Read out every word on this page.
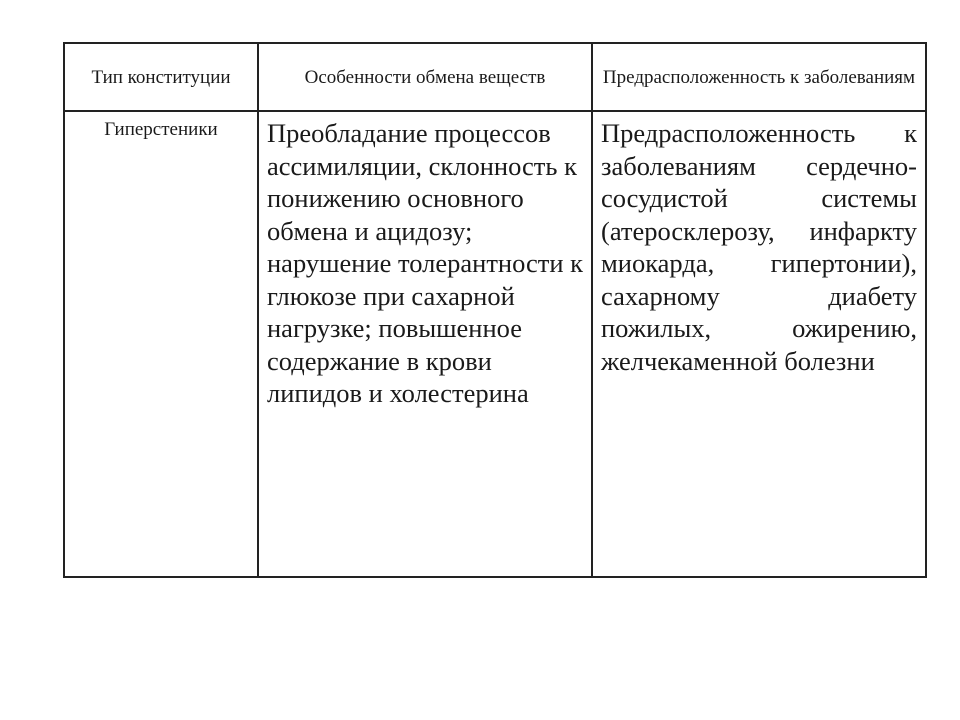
Тип конституции	Особенности обмена веществ	Предрасположенность к заболеваниям

Гиперстеники	Преобладание процессов ассимиляции, склонность к понижению основного обмена и ацидозу; нарушение толерантности к глюкозе при сахарной нагрузке; повышенное содержание в крови липидов и холестерина	Предрасположенность к заболеваниям сердечно-сосудистой системы (атеросклерозу, инфаркту миокарда, гипертонии), сахарному диабету пожилых, ожирению, желчекаменной болезни
